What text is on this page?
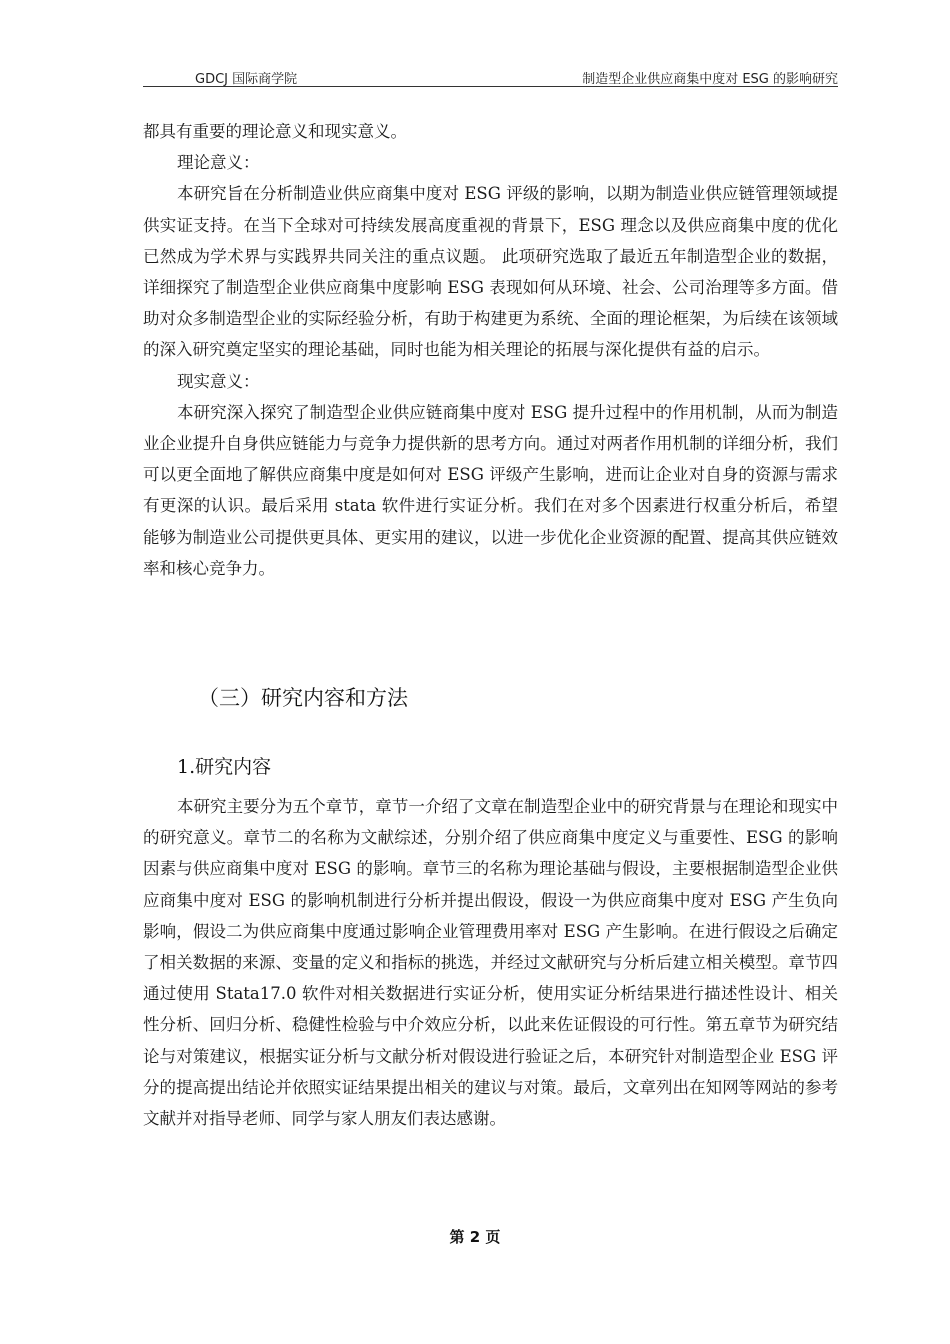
GDCJ 国际商学院	制造型企业供应商集中度对 ESG 的影响研究

都具有重要的理论意义和现实意义。

理论意义：

本研究旨在分析制造业供应商集中度对 ESG 评级的影响，以期为制造业供应链管理领域提供实证支持。在当下全球对可持续发展高度重视的背景下，ESG 理念以及供应商集中度的优化已然成为学术界与实践界共同关注的重点议题。 此项研究选取了最近五年制造型企业的数据，详细探究了制造型企业供应商集中度影响 ESG 表现如何从环境、社会、公司治理等多方面。借助对众多制造型企业的实际经验分析，有助于构建更为系统、全面的理论框架，为后续在该领域的深入研究奠定坚实的理论基础，同时也能为相关理论的拓展与深化提供有益的启示。

现实意义：

本研究深入探究了制造型企业供应链商集中度对 ESG 提升过程中的作用机制，从而为制造业企业提升自身供应链能力与竞争力提供新的思考方向。通过对两者作用机制的详细分析，我们可以更全面地了解供应商集中度是如何对 ESG 评级产生影响，进而让企业对自身的资源与需求有更深的认识。最后采用 stata 软件进行实证分析。我们在对多个因素进行权重分析后，希望能够为制造业公司提供更具体、更实用的建议，以进一步优化企业资源的配置、提高其供应链效率和核心竞争力。

（三）研究内容和方法
1.研究内容

本研究主要分为五个章节，章节一介绍了文章在制造型企业中的研究背景与在理论和现实中的研究意义。章节二的名称为文献综述，分别介绍了供应商集中度定义与重要性、ESG 的影响因素与供应商集中度对 ESG 的影响。章节三的名称为理论基础与假设，主要根据制造型企业供应商集中度对 ESG 的影响机制进行分析并提出假设，假设一为供应商集中度对 ESG 产生负向影响，假设二为供应商集中度通过影响企业管理费用率对 ESG 产生影响。在进行假设之后确定了相关数据的来源、变量的定义和指标的挑选，并经过文献研究与分析后建立相关模型。章节四通过使用 Stata17.0 软件对相关数据进行实证分析，使用实证分析结果进行描述性设计、相关性分析、回归分析、稳健性检验与中介效应分析，以此来佐证假设的可行性。第五章节为研究结论与对策建议，根据实证分析与文献分析对假设进行验证之后，本研究针对制造型企业 ESG 评分的提高提出结论并依照实证结果提出相关的建议与对策。最后，文章列出在知网等网站的参考文献并对指导老师、同学与家人朋友们表达感谢。

第 2 页
